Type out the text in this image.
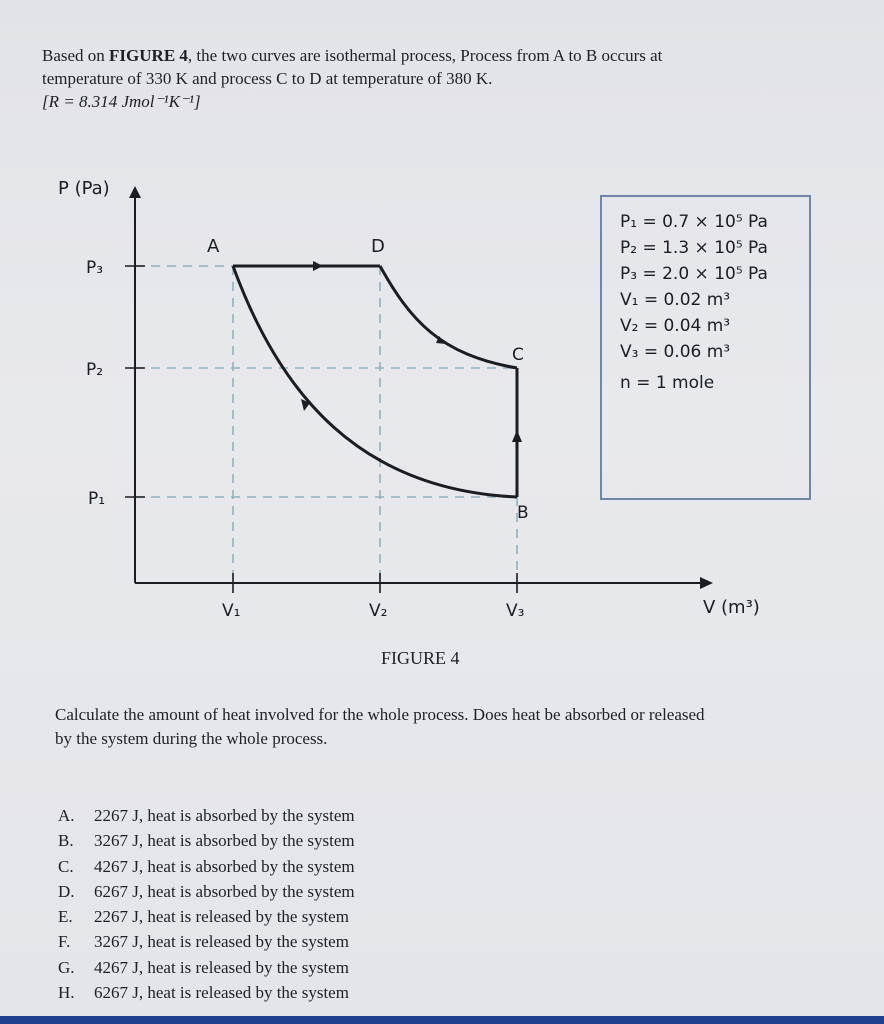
Based on FIGURE 4, the two curves are isothermal process, Process from A to B occurs at
temperature of 330 K and process C to D at temperature of 380 K.
[R = 8.314 Jmol⁻¹K⁻¹]
P (Pa)
V (m³)
P₃
P₂
P₁
V₁	V₂	V₃
A	D
C
B
P₁ = 0.7 × 10⁵ Pa
P₂ = 1.3 × 10⁵ Pa
P₃ = 2.0 × 10⁵ Pa
V₁ = 0.02 m³
V₂ = 0.04 m³
V₃ = 0.06 m³
n = 1 mole
FIGURE 4
Calculate the amount of heat involved for the whole process. Does heat be absorbed or released
by the system during the whole process.
A. 2267 J, heat is absorbed by the system
B. 3267 J, heat is absorbed by the system
C. 4267 J, heat is absorbed by the system
D. 6267 J, heat is absorbed by the system
E. 2267 J, heat is released by the system
F. 3267 J, heat is released by the system
G. 4267 J, heat is released by the system
H. 6267 J, heat is released by the system
